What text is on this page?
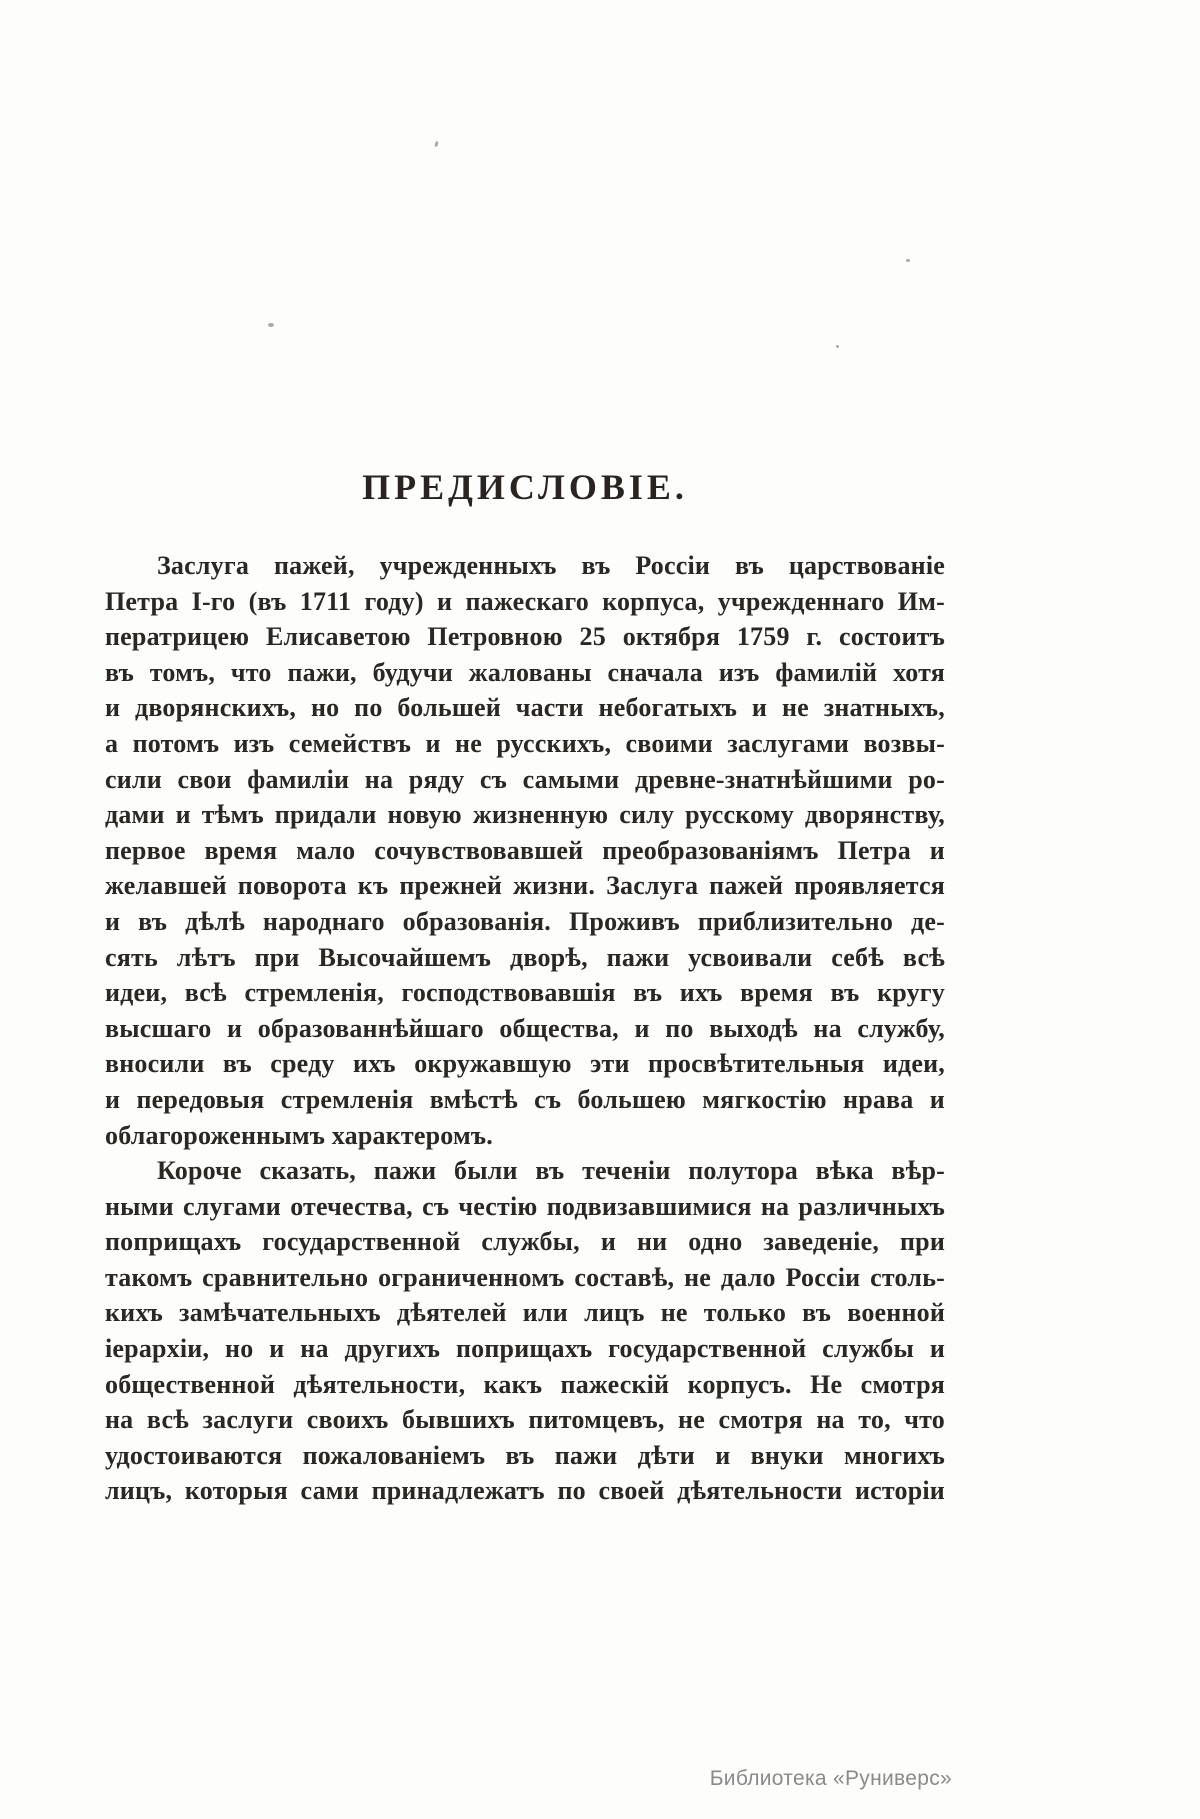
ПРЕДИСЛОВІЕ.
Заслуга пажей, учрежденныхъ въ Россіи въ царствованіе
Петра I-го (въ 1711 году) и пажескаго корпуса, учрежденнаго Им-
ператрицею Елисаветою Петровною 25 октября 1759 г. состоитъ
въ томъ, что пажи, будучи жалованы сначала изъ фамилій хотя
и дворянскихъ, но по большей части небогатыхъ и не знатныхъ,
а потомъ изъ семействъ и не русскихъ, своими заслугами возвы-
сили свои фамиліи на ряду съ самыми древне-знатнѣйшими ро-
дами и тѣмъ придали новую жизненную силу русскому дворянству,
первое время мало сочувствовавшей преобразованіямъ Петра и
желавшей поворота къ прежней жизни. Заслуга пажей проявляется
и въ дѣлѣ народнаго образованія. Проживъ приблизительно де-
сять лѣтъ при Высочайшемъ дворѣ, пажи усвоивали себѣ всѣ
идеи, всѣ стремленія, господствовавшія въ ихъ время въ кругу
высшаго и образованнѣйшаго общества, и по выходѣ на службу,
вносили въ среду ихъ окружавшую эти просвѣтительныя идеи,
и передовыя стремленія вмѣстѣ съ большею мягкостію нрава и
облагороженнымъ характеромъ.
Короче сказать, пажи были въ теченіи полутора вѣка вѣр-
ными слугами отечества, съ честію подвизавшимися на различныхъ
поприщахъ государственной службы, и ни одно заведеніе, при
такомъ сравнительно ограниченномъ составѣ, не дало Россіи столь-
кихъ замѣчательныхъ дѣятелей или лицъ не только въ военной
іерархіи, но и на другихъ поприщахъ государственной службы и
общественной дѣятельности, какъ пажескій корпусъ. Не смотря
на всѣ заслуги своихъ бывшихъ питомцевъ, не смотря на то, что
удостоиваются пожалованіемъ въ пажи дѣти и внуки многихъ
лицъ, которыя сами принадлежатъ по своей дѣятельности исторіи
Библиотека «Руниверс»
